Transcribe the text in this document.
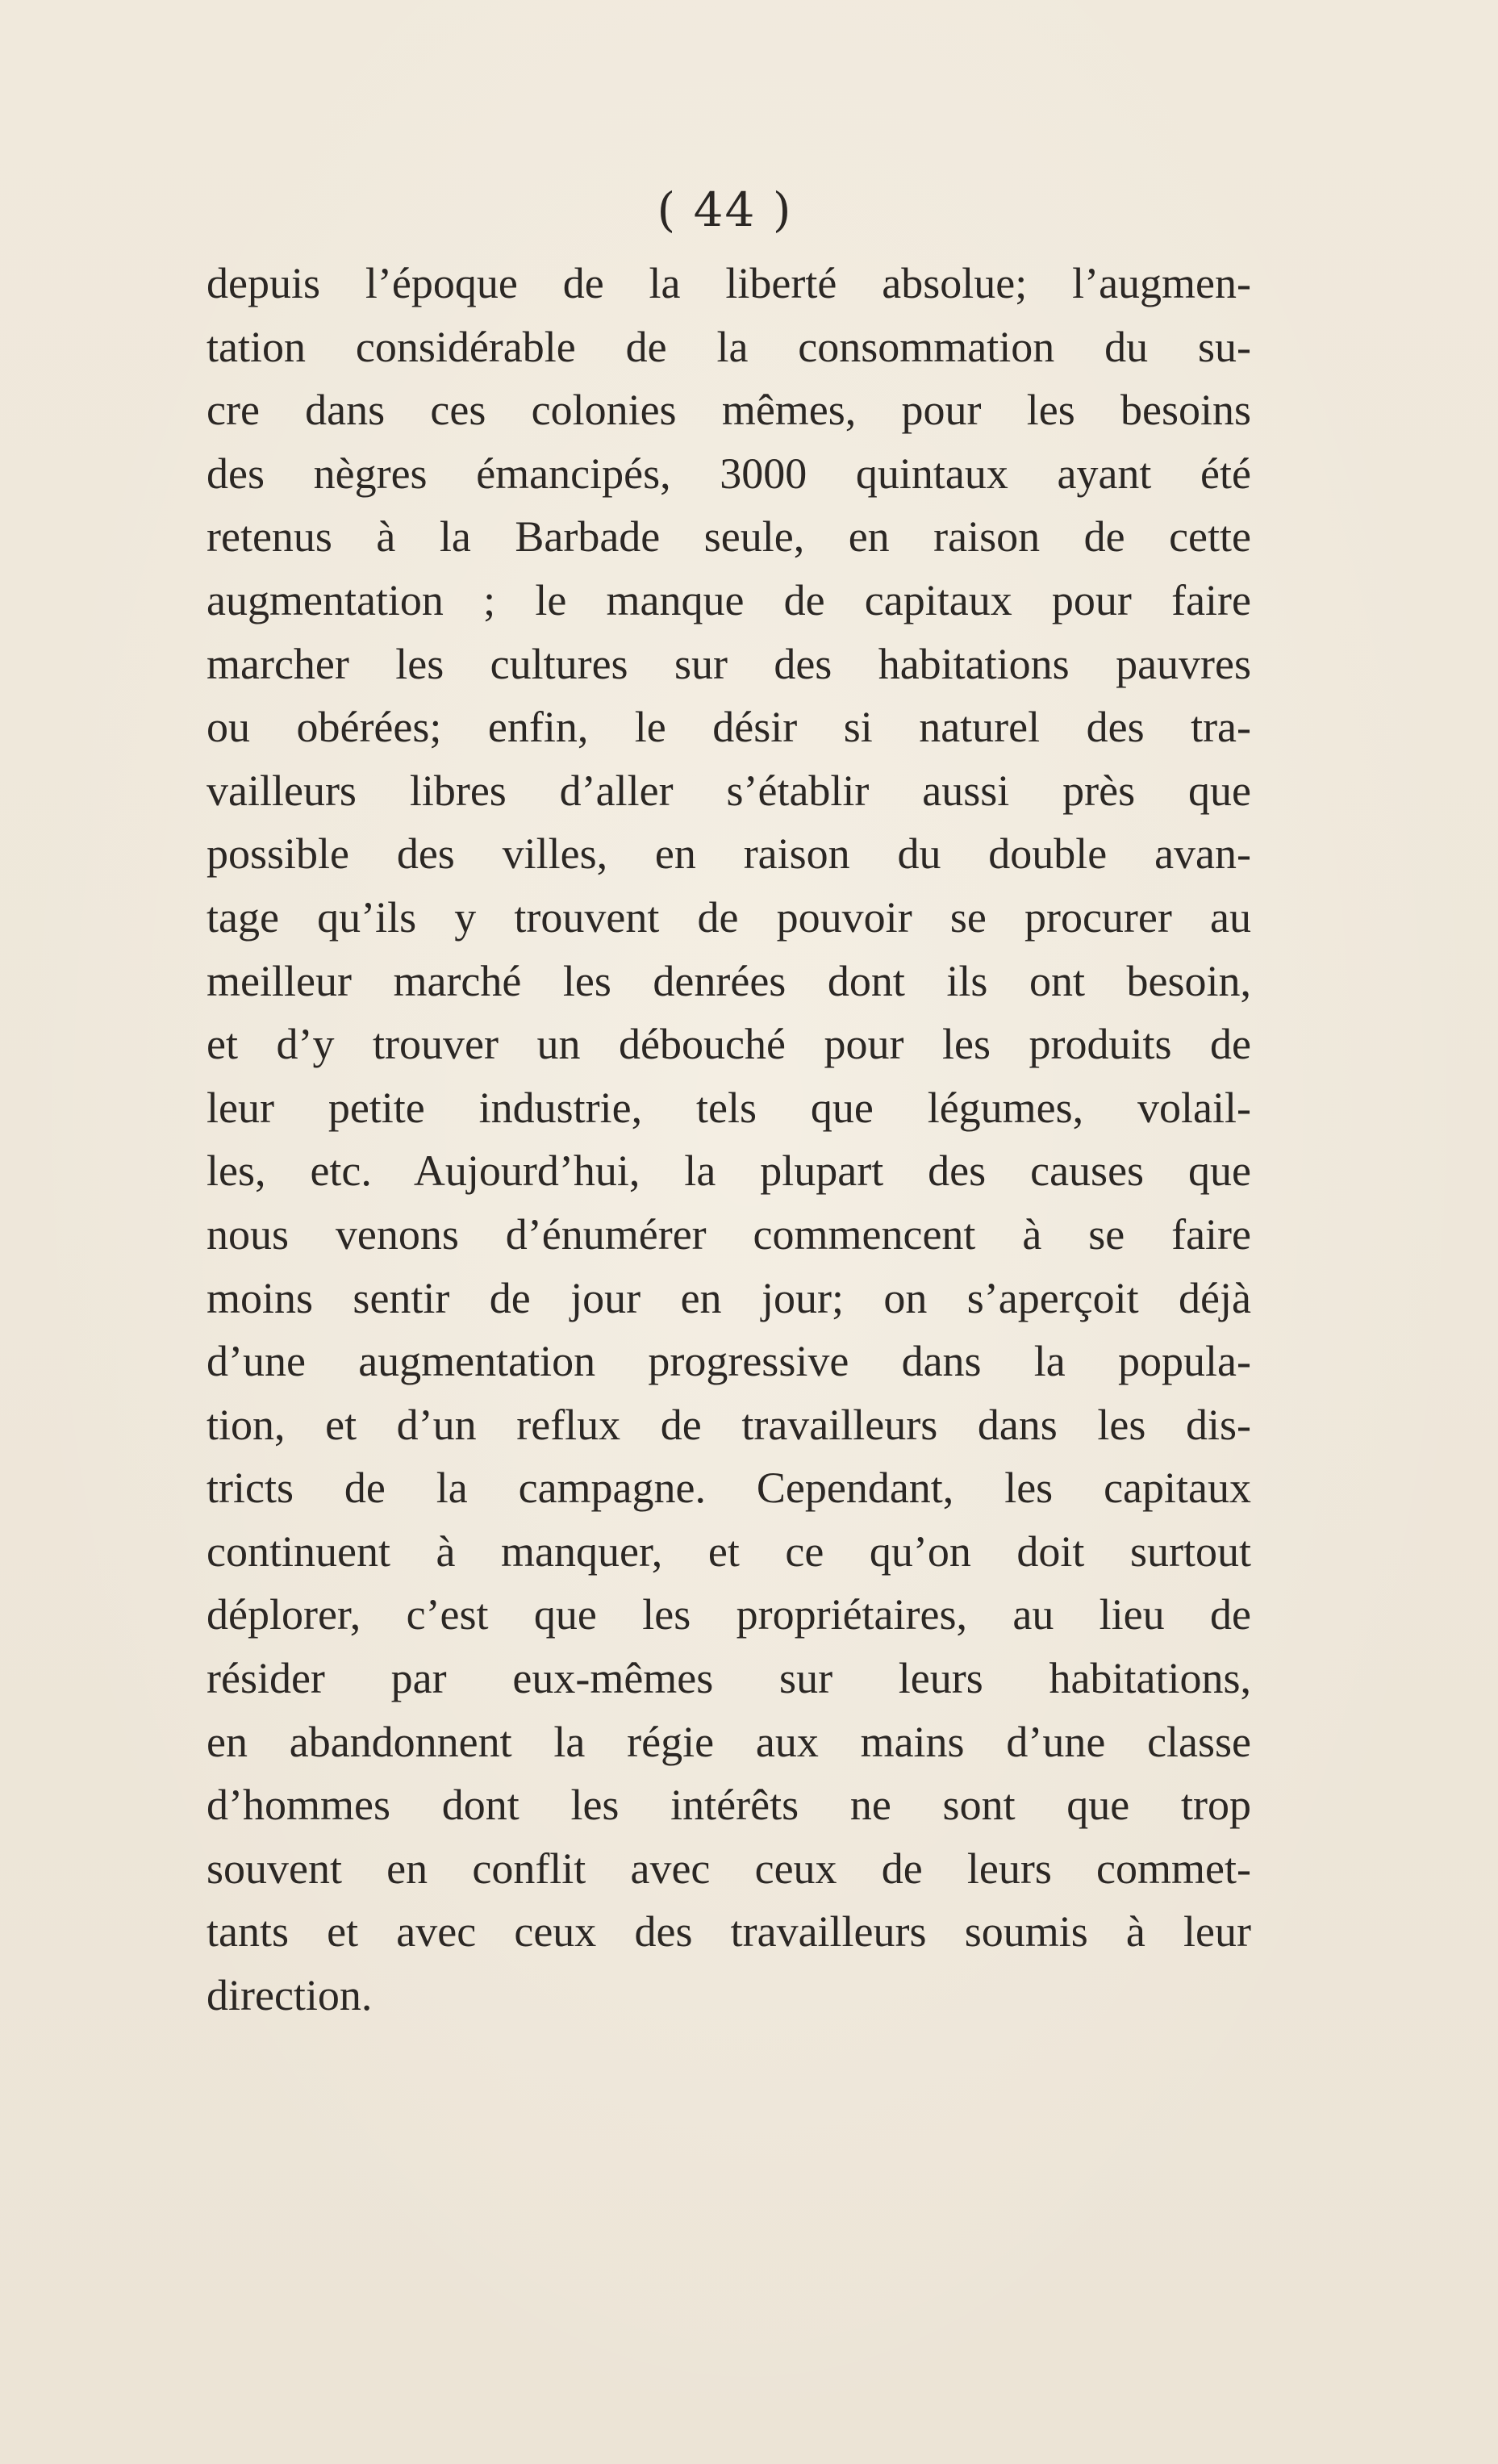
( 44 )
depuis l’époque de la liberté absolue; l’augmen-
tation considérable de la consommation du su-
cre dans ces colonies mêmes, pour les besoins
des nègres émancipés, 3000 quintaux ayant été
retenus à la Barbade seule, en raison de cette
augmentation ; le manque de capitaux pour faire
marcher les cultures sur des habitations pauvres
ou obérées; enfin, le désir si naturel des tra-
vailleurs libres d’aller s’établir aussi près que
possible des villes, en raison du double avan-
tage qu’ils y trouvent de pouvoir se procurer au
meilleur marché les denrées dont ils ont besoin,
et d’y trouver un débouché pour les produits de
leur petite industrie, tels que légumes, volail-
les, etc. Aujourd’hui, la plupart des causes que
nous venons d’énumérer commencent à se faire
moins sentir de jour en jour; on s’aperçoit déjà
d’une augmentation progressive dans la popula-
tion, et d’un reflux de travailleurs dans les dis-
tricts de la campagne. Cependant, les capitaux
continuent à manquer, et ce qu’on doit surtout
déplorer, c’est que les propriétaires, au lieu de
résider par eux-mêmes sur leurs habitations,
en abandonnent la régie aux mains d’une classe
d’hommes dont les intérêts ne sont que trop
souvent en conflit avec ceux de leurs commet-
tants et avec ceux des travailleurs soumis à leur
direction.
